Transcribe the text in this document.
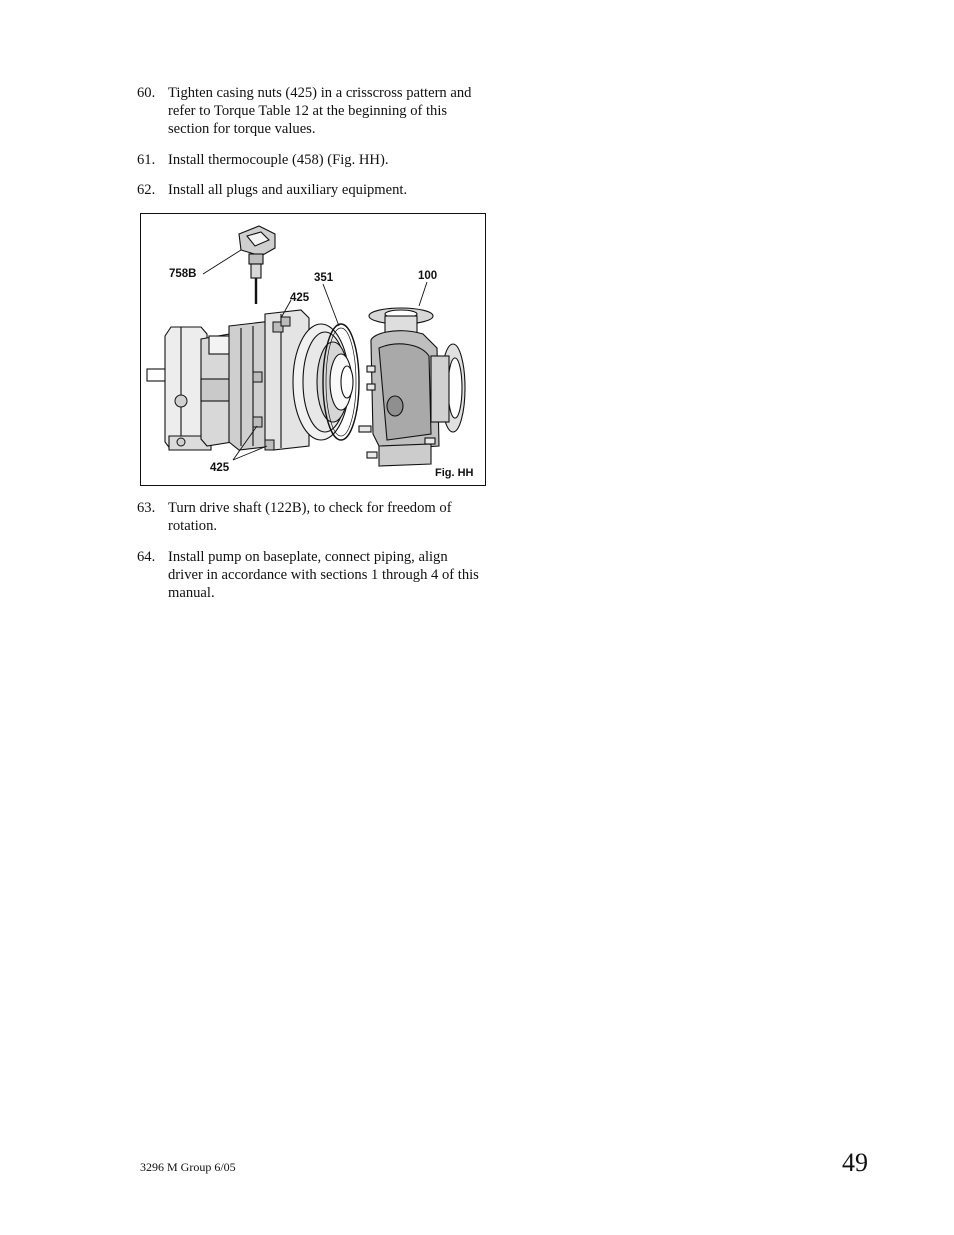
60. Tighten casing nuts (425) in a crisscross pattern and refer to Torque Table 12 at the beginning of this section for torque values.
61. Install thermocouple (458) (Fig. HH).
62. Install all plugs and auxiliary equipment.
758B	351	100
425
425	Fig. HH
63. Turn drive shaft (122B), to check for freedom of rotation.
64. Install pump on baseplate, connect piping, align driver in accordance with sections 1 through 4 of this manual.
3296 M Group 6/05	49
